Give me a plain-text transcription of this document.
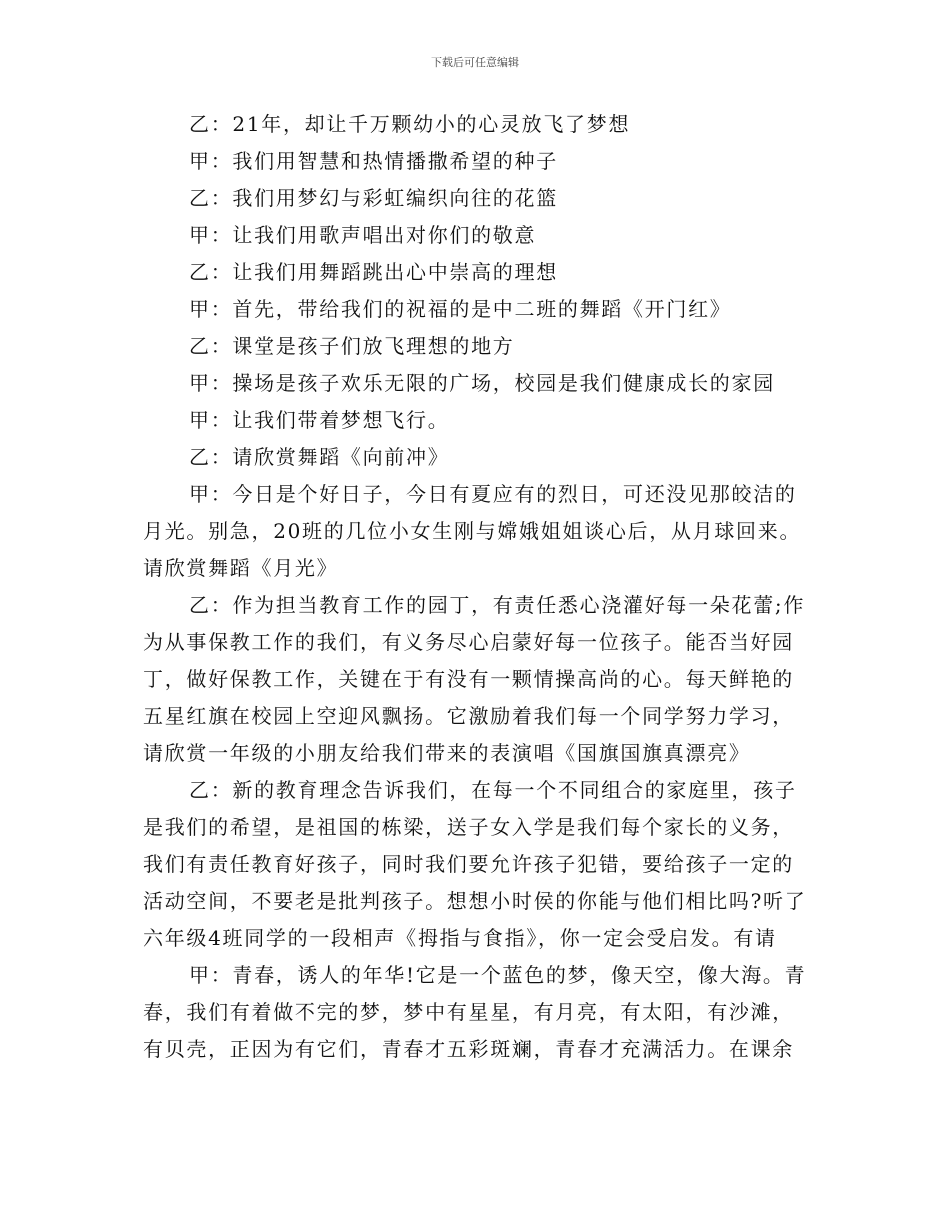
下载后可任意编辑
乙：21年，却让千万颗幼小的心灵放飞了梦想
甲：我们用智慧和热情播撒希望的种子
乙：我们用梦幻与彩虹编织向往的花篮
甲：让我们用歌声唱出对你们的敬意
乙：让我们用舞蹈跳出心中崇高的理想
甲：首先，带给我们的祝福的是中二班的舞蹈《开门红》
乙：课堂是孩子们放飞理想的地方
甲：操场是孩子欢乐无限的广场，校园是我们健康成长的家园
甲：让我们带着梦想飞行。
乙：请欣赏舞蹈《向前冲》
甲：今日是个好日子，今日有夏应有的烈日，可还没见那皎洁的
月光。别急，20班的几位小女生刚与嫦娥姐姐谈心后，从月球回来。
请欣赏舞蹈《月光》
乙：作为担当教育工作的园丁，有责任悉心浇灌好每一朵花蕾;作
为从事保教工作的我们，有义务尽心启蒙好每一位孩子。能否当好园
丁，做好保教工作，关键在于有没有一颗情操高尚的心。每天鲜艳的
五星红旗在校园上空迎风飘扬。它激励着我们每一个同学努力学习，
请欣赏一年级的小朋友给我们带来的表演唱《国旗国旗真漂亮》
乙：新的教育理念告诉我们，在每一个不同组合的家庭里，孩子
是我们的希望，是祖国的栋梁，送子女入学是我们每个家长的义务，
我们有责任教育好孩子，同时我们要允许孩子犯错，要给孩子一定的
活动空间，不要老是批判孩子。想想小时侯的你能与他们相比吗?听了
六年级4班同学的一段相声《拇指与食指》，你一定会受启发。有请
甲：青春，诱人的年华!它是一个蓝色的梦，像天空，像大海。青
春，我们有着做不完的梦，梦中有星星，有月亮，有太阳，有沙滩，
有贝壳，正因为有它们，青春才五彩斑斓，青春才充满活力。在课余
